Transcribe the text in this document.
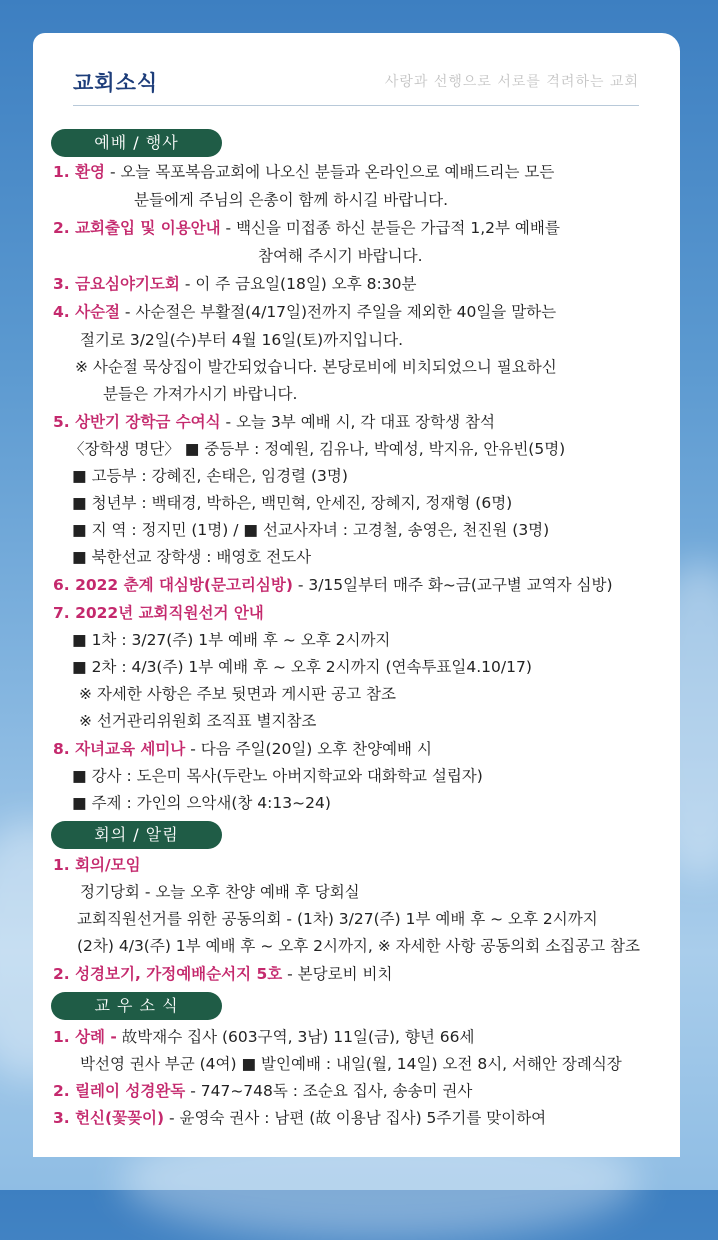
교회소식	사랑과 선행으로 서로를 격려하는 교회
예배 / 행사
1. 환영 - 오늘 목포복음교회에 나오신 분들과 온라인으로 예배드리는 모든
분들에게 주님의 은총이 함께 하시길 바랍니다.
2. 교회출입 및 이용안내 - 백신을 미접종 하신 분들은 가급적 1,2부 예배를
참여해 주시기 바랍니다.
3. 금요심야기도회 - 이 주 금요일(18일) 오후 8:30분
4. 사순절 - 사순절은 부활절(4/17일)전까지 주일을 제외한 40일을 말하는
절기로 3/2일(수)부터 4월 16일(토)까지입니다.
※ 사순절 묵상집이 발간되었습니다. 본당로비에 비치되었으니 필요하신
분들은 가져가시기 바랍니다.
5. 상반기 장학금 수여식 - 오늘 3부 예배 시, 각 대표 장학생 참석
〈장학생 명단〉 ■ 중등부 : 정예원, 김유나, 박예성, 박지유, 안유빈(5명)
■ 고등부 : 강혜진, 손태은, 임경렬 (3명)
■ 청년부 : 백태경, 박하은, 백민혁, 안세진, 장혜지, 정재형 (6명)
■ 지 역 : 정지민 (1명) / ■ 선교사자녀 : 고경철, 송영은, 천진원 (3명)
■ 북한선교 장학생 : 배영호 전도사
6. 2022 춘계 대심방(문고리심방) - 3/15일부터 매주 화~금(교구별 교역자 심방)
7. 2022년 교회직원선거 안내
■ 1차 : 3/27(주) 1부 예배 후 ~ 오후 2시까지
■ 2차 : 4/3(주) 1부 예배 후 ~ 오후 2시까지 (연속투표일4.10/17)
※ 자세한 사항은 주보 뒷면과 게시판 공고 참조
※ 선거관리위원회 조직표 별지참조
8. 자녀교육 세미나 - 다음 주일(20일) 오후 찬양예배 시
■ 강사 : 도은미 목사(두란노 아버지학교와 대화학교 설립자)
■ 주제 : 가인의 으악새(창 4:13~24)
회의 / 알림
1. 회의/모임
정기당회 - 오늘 오후 찬양 예배 후 당회실
교회직원선거를 위한 공동의회 - (1차) 3/27(주) 1부 예배 후 ~ 오후 2시까지
(2차) 4/3(주) 1부 예배 후 ~ 오후 2시까지, ※ 자세한 사항 공동의회 소집공고 참조
2. 성경보기, 가정예배순서지 5호 - 본당로비 비치
교 우 소 식
1. 상례 - 故박재수 집사 (603구역, 3남) 11일(금), 향년 66세
박선영 권사 부군 (4여) ■ 발인예배 : 내일(월, 14일) 오전 8시, 서해안 장례식장
2. 릴레이 성경완독 - 747~748독 : 조순요 집사, 송송미 권사
3. 헌신(꽃꽂이) - 윤영숙 권사 : 남편 (故 이용남 집사) 5주기를 맞이하여
